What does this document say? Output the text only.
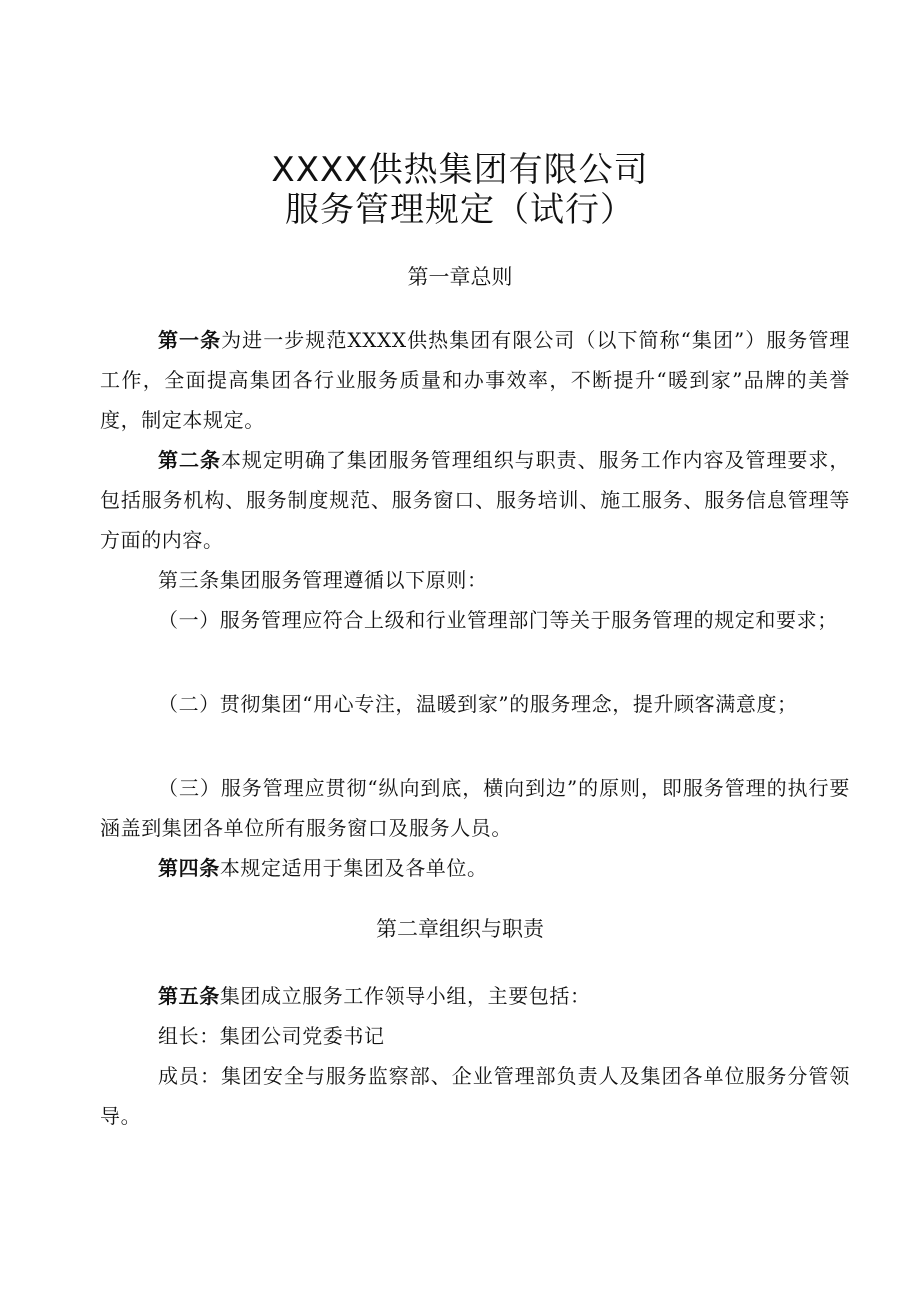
XXXX供热集团有限公司
服务管理规定（试行）
第一章总则

第一条为进一步规范XXXX供热集团有限公司（以下简称“集团”）服务管理工作，全面提高集团各行业服务质量和办事效率，不断提升“暖到家”品牌的美誉度，制定本规定。

第二条本规定明确了集团服务管理组织与职责、服务工作内容及管理要求，包括服务机构、服务制度规范、服务窗口、服务培训、施工服务、服务信息管理等方面的内容。

第三条集团服务管理遵循以下原则：

（一）服务管理应符合上级和行业管理部门等关于服务管理的规定和要求；

（二）贯彻集团“用心专注，温暖到家”的服务理念，提升顾客满意度；

（三）服务管理应贯彻“纵向到底，横向到边”的原则，即服务管理的执行要涵盖到集团各单位所有服务窗口及服务人员。

第四条本规定适用于集团及各单位。

第二章组织与职责

第五条集团成立服务工作领导小组，主要包括：

组长：集团公司党委书记

成员：集团安全与服务监察部、企业管理部负责人及集团各单位服务分管领导。
